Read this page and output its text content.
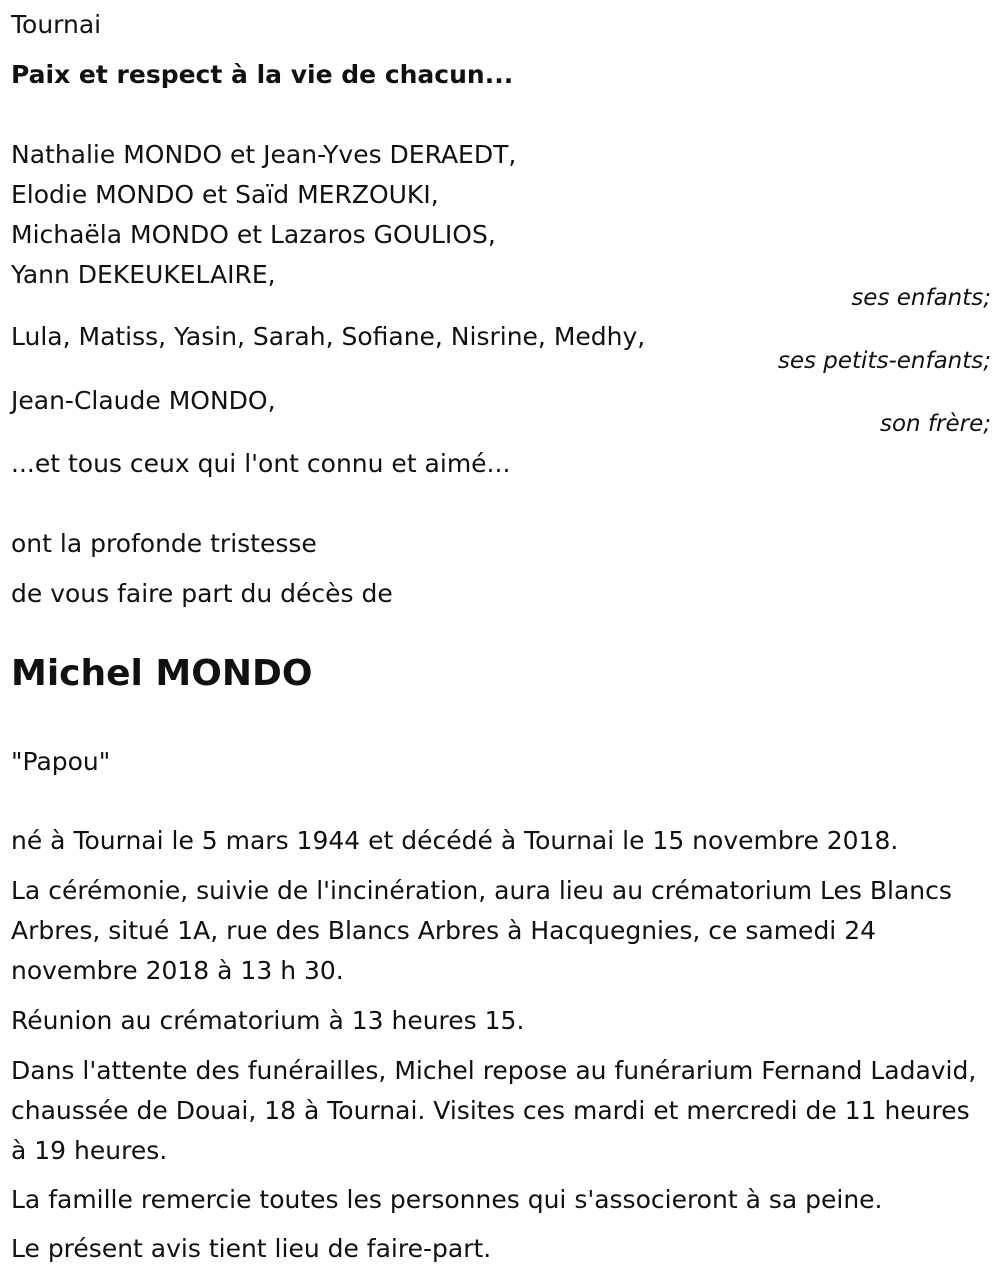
Tournai
Paix et respect à la vie de chacun...
Nathalie MONDO et Jean-Yves DERAEDT,
Elodie MONDO et Saïd MERZOUKI,
Michaëla MONDO et Lazaros GOULIOS,
Yann DEKEUKELAIRE,
ses enfants;
Lula, Matiss, Yasin, Sarah, Sofiane, Nisrine, Medhy,
ses petits-enfants;
Jean-Claude MONDO,
son frère;
...et tous ceux qui l'ont connu et aimé...
ont la profonde tristesse
de vous faire part du décès de
Michel MONDO
"Papou"
né à Tournai le 5 mars 1944 et décédé à Tournai le 15 novembre 2018.
La cérémonie, suivie de l'incinération, aura lieu au crématorium Les Blancs Arbres, situé 1A, rue des Blancs Arbres à Hacquegnies, ce samedi 24 novembre 2018 à 13 h 30.
Réunion au crématorium à 13 heures 15.
Dans l'attente des funérailles, Michel repose au funérarium Fernand Ladavid, chaussée de Douai, 18 à Tournai. Visites ces mardi et mercredi de 11 heures à 19 heures.
La famille remercie toutes les personnes qui s'associeront à sa peine.
Le présent avis tient lieu de faire-part.
